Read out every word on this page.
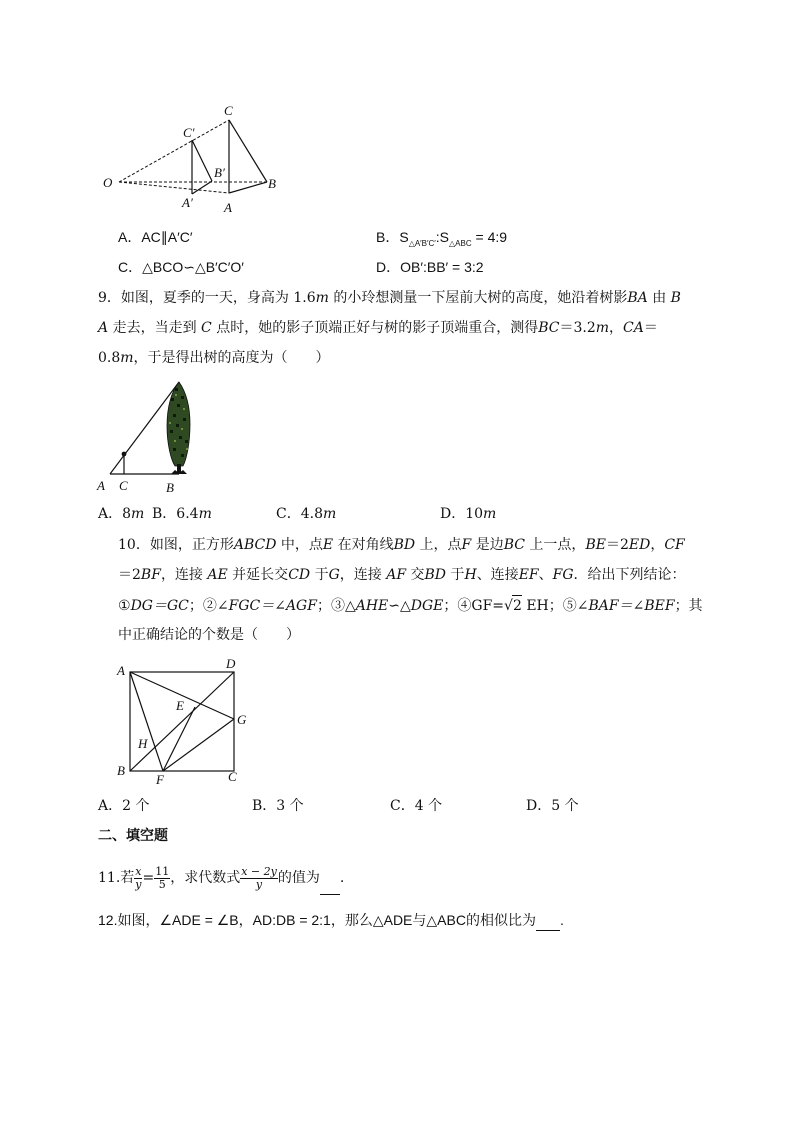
O
C
C′
B′
B
A′ A
A．AC∥A′C′	B．$S_{\triangle A'B'C'}:S_{\triangle ABC}$ = 4:9
C．△BCO∽△B′C′O′	D．OB′:BB′ = 3:2
9．如图，夏季的一天，身高为 1.6m 的小玲想测量一下屋前大树的高度，她沿着树影BA 由 B
A 走去，当走到 C 点时，她的影子顶端正好与树的影子顶端重合，测得BC＝3.2m，CA＝
0.8m，于是得出树的高度为（　　）
A C	B
A．8m B．6.4m	C．4.8m	D．10m
10．如图，正方形ABCD 中，点E 在对角线BD 上，点F 是边BC 上一点，BE＝2ED，CF
＝2BF，连接 AE 并延长交CD 于G，连接 AF 交BD 于H、连接EF、FG．给出下列结论：
①DG＝GC；②∠FGC＝∠AGF；③△AHE∽△DGE；④GF=√2 EH；⑤∠BAF＝∠BEF；其
中正确结论的个数是（　　）
A	D
E
G
H
B
F	C
A．2 个	B．3 个	C．4 个	D．5 个
二、填空题
11.若 $\frac{x}{y} = \frac{11}{5}$ ，求代数式 $\frac{x - 2y}{y}$ 的值为 .
12.如图，∠ADE = ∠B，AD:DB = 2:1，那么△ADE与△ABC的相似比为 .
